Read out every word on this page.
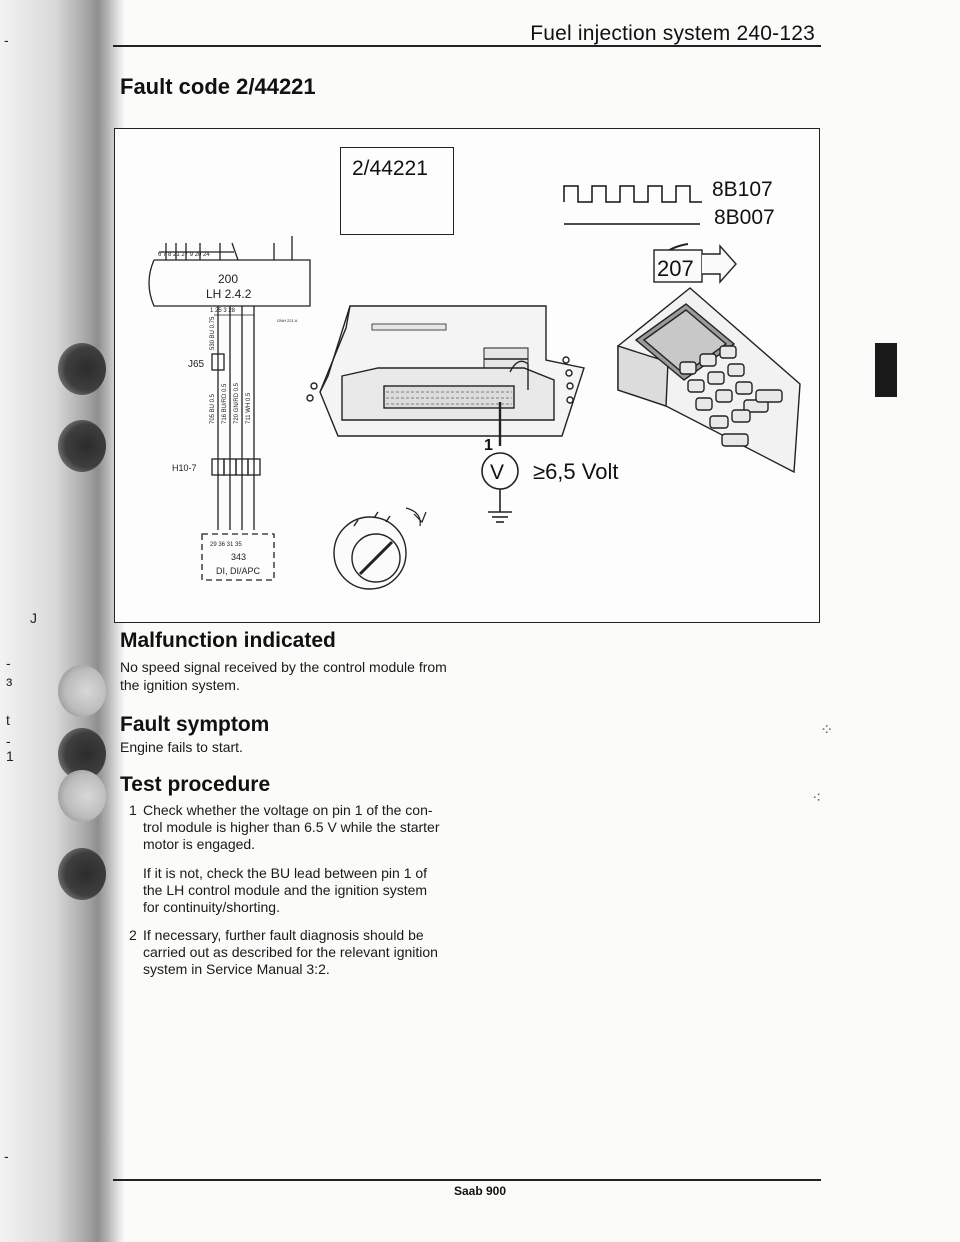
-
J
-
ɜ
t
-
1
-
Fuel injection system 240-123
Fault code 2/44221
2/44221
6 7 8 21 27 9 20 24
200
LH 2.4.2
1 25 3 28
GNH 221 A
J65
H10-7
29 36 31 35
343
DI, DI/APC
530 BU 0.75
705 BU 0.5 716 BU/RD 0.5 720 GN/RD 0.5 711 WH 0.5
1
V
207
8B107
8B007
≥6,5 Volt
⁘
⁖
Malfunction indicated
No speed signal received by the control module from
the ignition system.
Fault symptom
Engine fails to start.
Test procedure
1 Check whether the voltage on pin 1 of the con-
trol module is higher than 6.5 V while the starter
motor is engaged.
If it is not, check the BU lead between pin 1 of
the LH control module and the ignition system
for continuity/shorting.
2 If necessary, further fault diagnosis should be
carried out as described for the relevant ignition
system in Service Manual 3:2.
Saab 900
